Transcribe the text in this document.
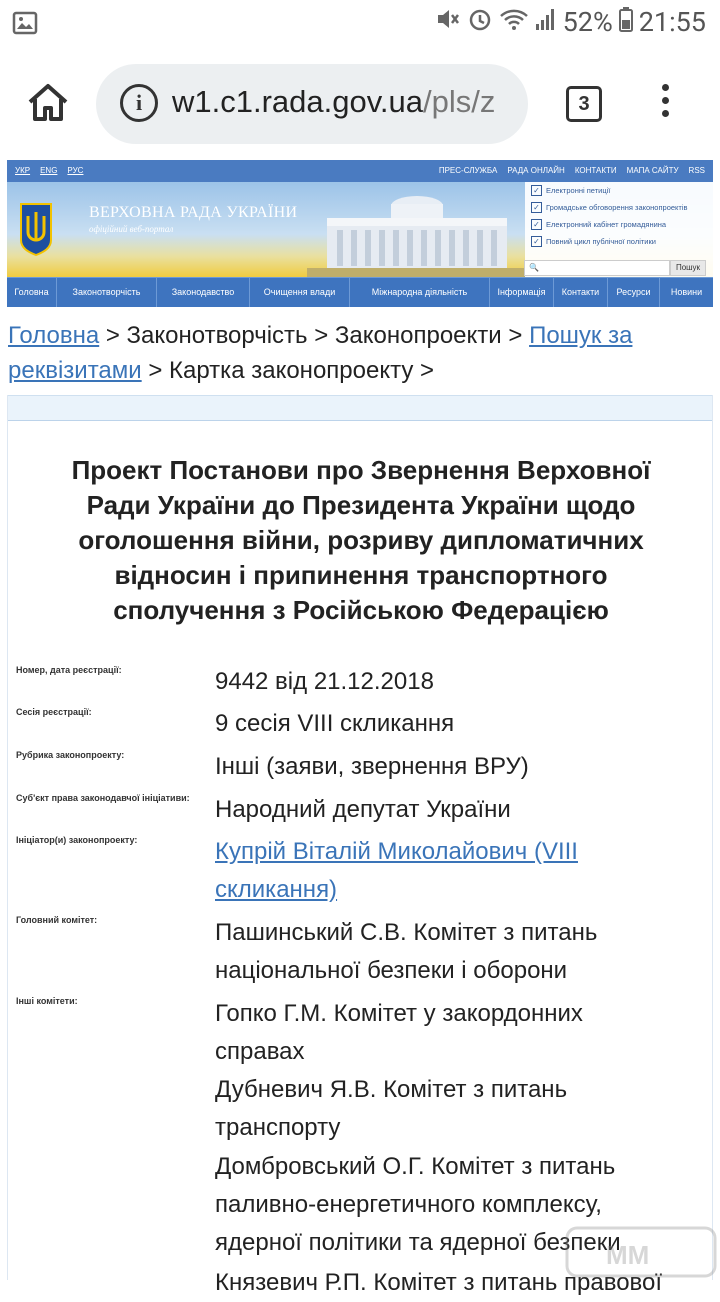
52% 21:55
i w1.c1.rada.gov.ua/pls/z	3
УКР ENG РУС	ПРЕС-СЛУЖБА РАДА ОНЛАЙН КОНТАКТИ МАПА САЙТУ RSS
ВЕРХОВНА РАДА УКРАЇНИ
офіційний веб-портал
✓ Електронні петиції
✓ Громадське обговорення законопроектів
✓ Електронний кабінет громадянина
✓ Повний цикл публічної політики
🔍	Пошук
Головна	Законотворчість	Законодавство	Очищення влади	Міжнародна діяльність	Інформація	Контакти	Ресурси	Новини
Головна > Законотворчість > Законопроекти > Пошук за реквізитами > Картка законопроекту >
Проект Постанови про Звернення Верховної Ради України до Президента України щодо оголошення війни, розриву дипломатичних відносин і припинення транспортного сполучення з Російською Федерацією
Номер, дата реєстрації:	9442 від 21.12.2018
Сесія реєстрації:	9 сесія VIII скликання
Рубрика законопроекту:	Інші (заяви, звернення ВРУ)
Суб'єкт права законодавчої ініціативи:	Народний депутат України
Ініціатор(и) законопроекту:	Купрій Віталій Миколайович (VIII скликання)
Головний комітет:	Пашинський С.В. Комітет з питань національної безпеки і оборони
Інші комітети:	Гопко Г.М. Комітет у закордонних справах
Дубневич Я.В. Комітет з питань транспорту
Домбровський О.Г. Комітет з питань паливно-енергетичного комплексу, ядерної політики та ядерної безпеки
Князевич Р.П. Комітет з питань правової
ММ
